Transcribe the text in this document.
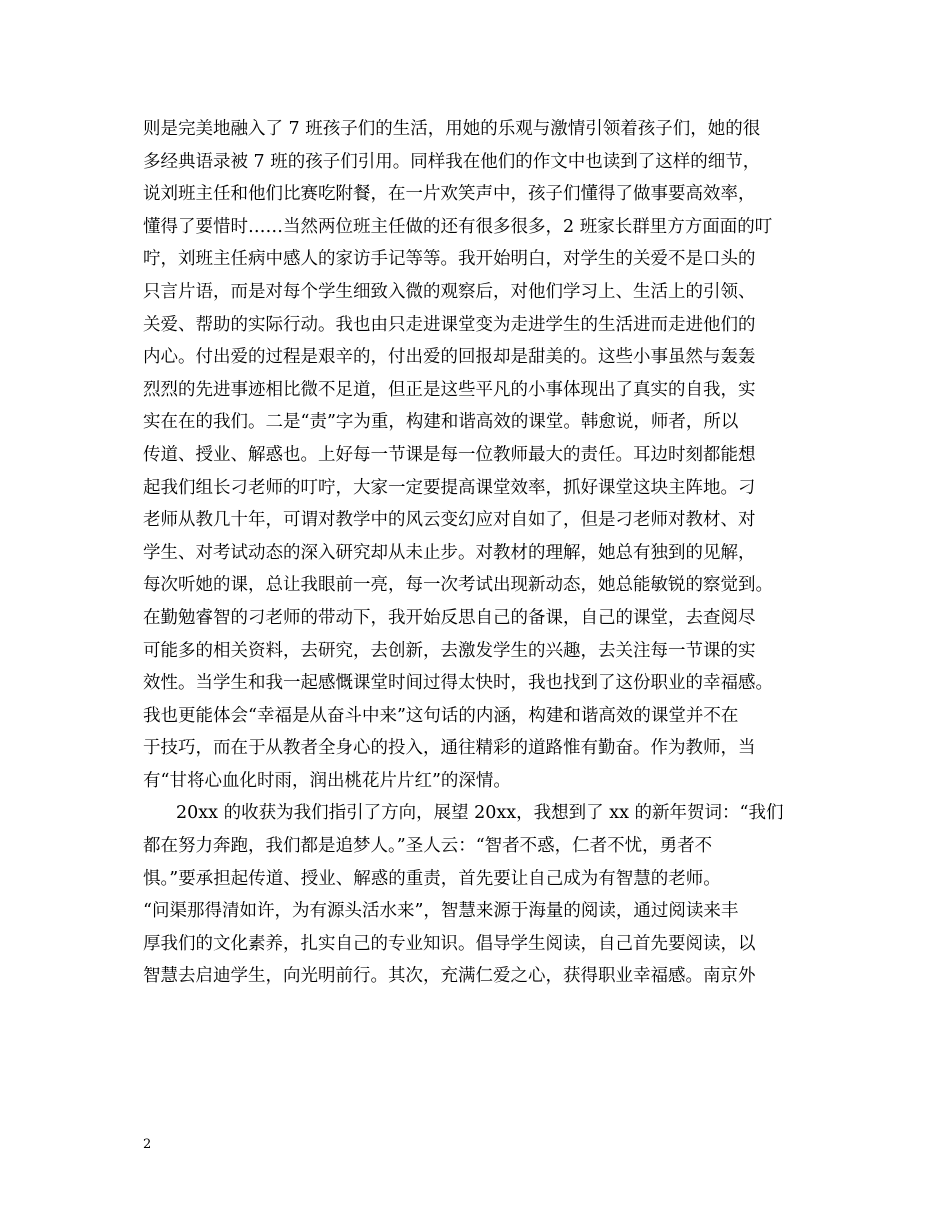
则是完美地融入了 7 班孩子们的生活，用她的乐观与激情引领着孩子们，她的很
多经典语录被 7 班的孩子们引用。同样我在他们的作文中也读到了这样的细节，
说刘班主任和他们比赛吃附餐，在一片欢笑声中，孩子们懂得了做事要高效率，
懂得了要惜时……当然两位班主任做的还有很多很多，2 班家长群里方方面面的叮
咛，刘班主任病中感人的家访手记等等。我开始明白，对学生的关爱不是口头的
只言片语，而是对每个学生细致入微的观察后，对他们学习上、生活上的引领、
关爱、帮助的实际行动。我也由只走进课堂变为走进学生的生活进而走进他们的
内心。付出爱的过程是艰辛的，付出爱的回报却是甜美的。这些小事虽然与轰轰
烈烈的先进事迹相比微不足道，但正是这些平凡的小事体现出了真实的自我，实
实在在的我们。二是“责”字为重，构建和谐高效的课堂。韩愈说，师者，所以
传道、授业、解惑也。上好每一节课是每一位教师最大的责任。耳边时刻都能想
起我们组长刁老师的叮咛，大家一定要提高课堂效率，抓好课堂这块主阵地。刁
老师从教几十年，可谓对教学中的风云变幻应对自如了，但是刁老师对教材、对
学生、对考试动态的深入研究却从未止步。对教材的理解，她总有独到的见解，
每次听她的课，总让我眼前一亮，每一次考试出现新动态，她总能敏锐的察觉到。
在勤勉睿智的刁老师的带动下，我开始反思自己的备课，自己的课堂，去查阅尽
可能多的相关资料，去研究，去创新，去激发学生的兴趣，去关注每一节课的实
效性。当学生和我一起感慨课堂时间过得太快时，我也找到了这份职业的幸福感。
我也更能体会“幸福是从奋斗中来”这句话的内涵，构建和谐高效的课堂并不在
于技巧，而在于从教者全身心的投入，通往精彩的道路惟有勤奋。作为教师，当
有“甘将心血化时雨，润出桃花片片红”的深情。
20xx 的收获为我们指引了方向，展望 20xx，我想到了 xx 的新年贺词：“我们
都在努力奔跑，我们都是追梦人。”圣人云：“智者不惑，仁者不忧，勇者不
惧。”要承担起传道、授业、解惑的重责，首先要让自己成为有智慧的老师。
“问渠那得清如许，为有源头活水来”，智慧来源于海量的阅读，通过阅读来丰
厚我们的文化素养，扎实自己的专业知识。倡导学生阅读，自己首先要阅读，以
智慧去启迪学生，向光明前行。其次，充满仁爱之心，获得职业幸福感。南京外
2
